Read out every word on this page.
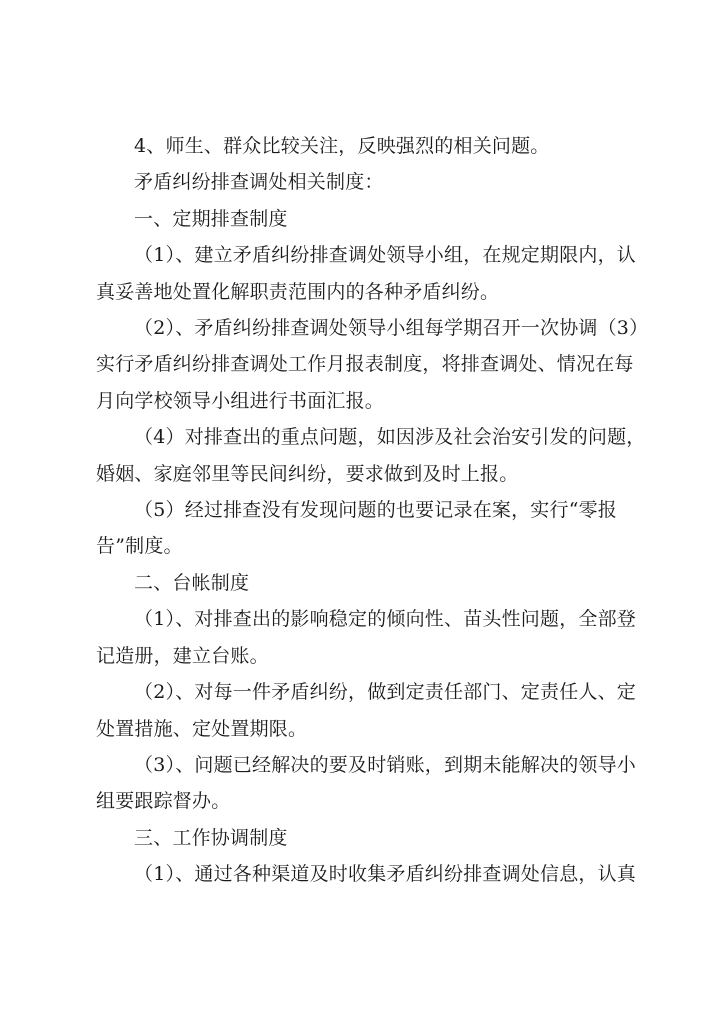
4、师生、群众比较关注，反映强烈的相关问题。
矛盾纠纷排查调处相关制度：
一、定期排查制度
（1）、建立矛盾纠纷排查调处领导小组，在规定期限内，认
真妥善地处置化解职责范围内的各种矛盾纠纷。
（2）、矛盾纠纷排查调处领导小组每学期召开一次协调（3）
实行矛盾纠纷排查调处工作月报表制度，将排查调处、情况在每
月向学校领导小组进行书面汇报。
（4）对排查出的重点问题，如因涉及社会治安引发的问题，
婚姻、家庭邻里等民间纠纷，要求做到及时上报。
（5）经过排查没有发现问题的也要记录在案，实行“零报
告”制度。
二、台帐制度
（1）、对排查出的影响稳定的倾向性、苗头性问题，全部登
记造册，建立台账。
（2）、对每一件矛盾纠纷，做到定责任部门、定责任人、定
处置措施、定处置期限。
（3）、问题已经解决的要及时销账，到期未能解决的领导小
组要跟踪督办。
三、工作协调制度
（1）、通过各种渠道及时收集矛盾纠纷排查调处信息，认真
